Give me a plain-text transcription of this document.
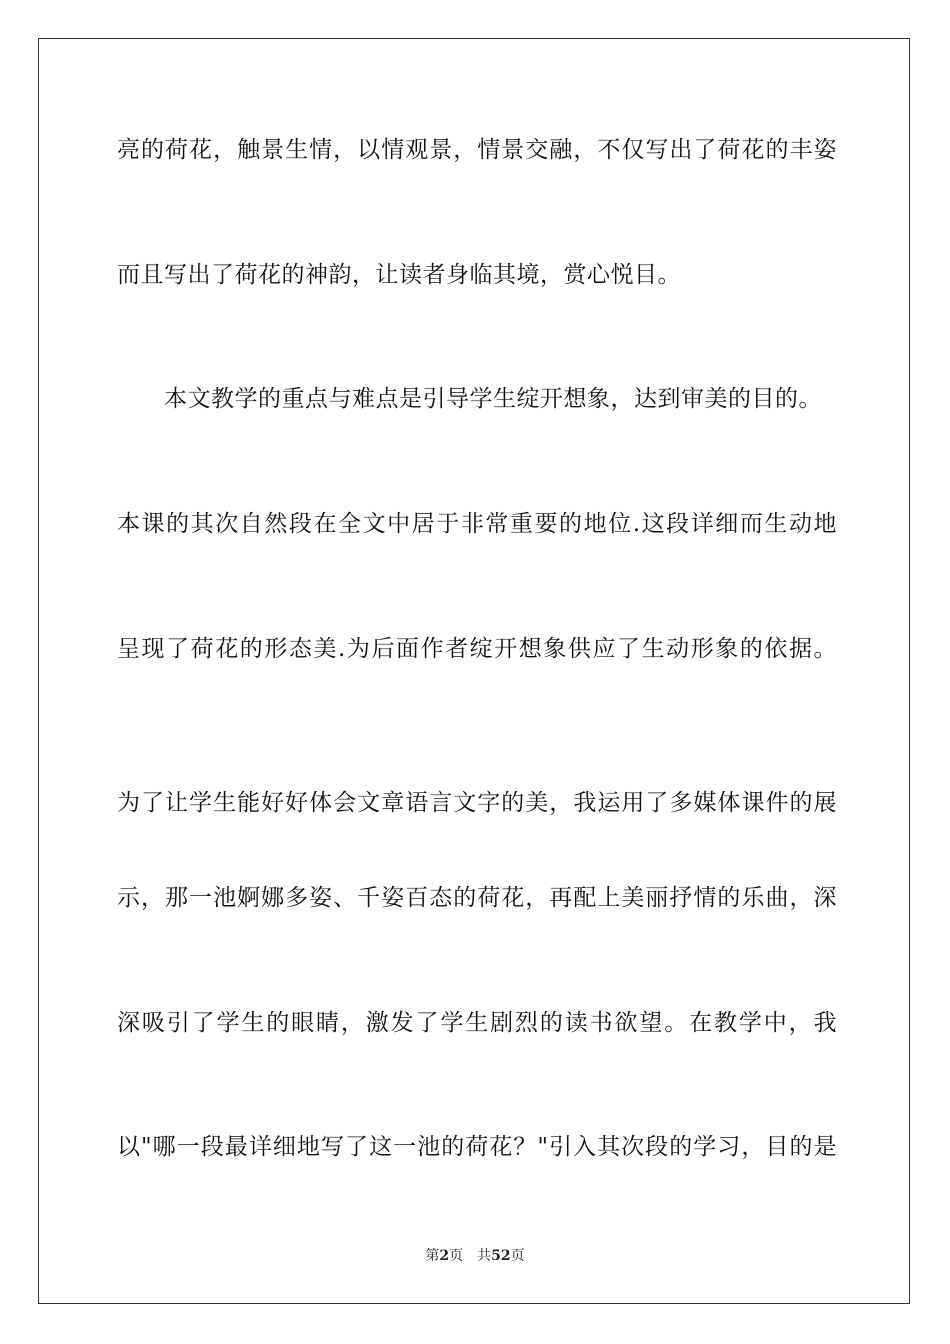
亮的荷花，触景生情，以情观景，情景交融，不仅写出了荷花的丰姿
而且写出了荷花的神韵，让读者身临其境，赏心悦目。
本文教学的重点与难点是引导学生绽开想象，达到审美的目的。
本课的其次自然段在全文中居于非常重要的地位.这段详细而生动地
呈现了荷花的形态美.为后面作者绽开想象供应了生动形象的依据。
为了让学生能好好体会文章语言文字的美，我运用了多媒体课件的展
示，那一池婀娜多姿、千姿百态的荷花，再配上美丽抒情的乐曲，深
深吸引了学生的眼睛，激发了学生剧烈的读书欲望。在教学中，我
以"哪一段最详细地写了这一池的荷花？"引入其次段的学习，目的是
第2页 共52页
